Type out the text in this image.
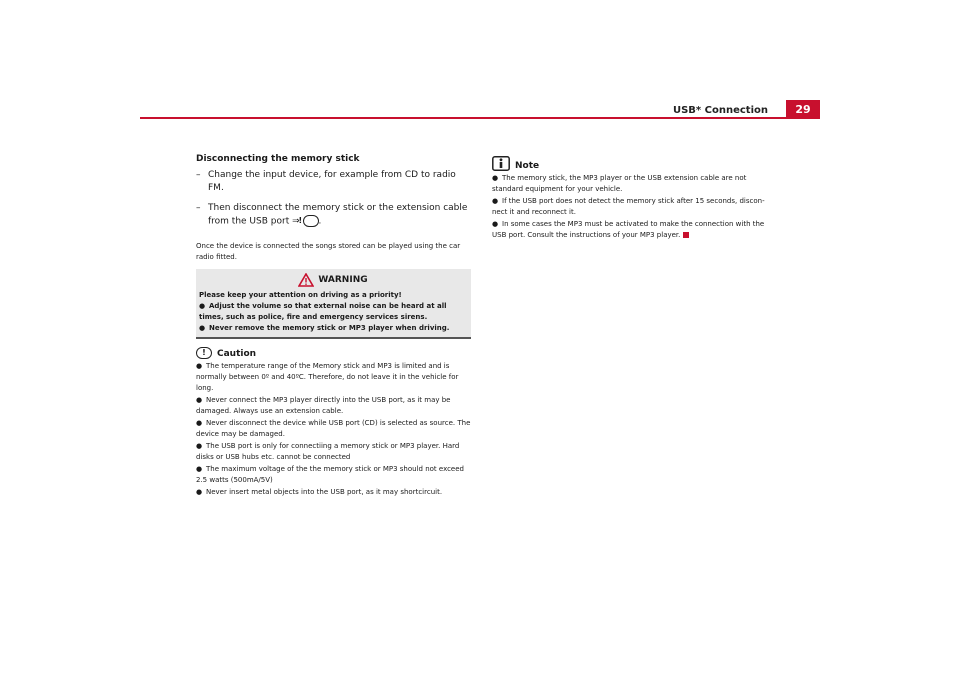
USB* Connection	29

Disconnecting the memory stick

– Change the input device, for example from CD to radio FM.

– Then disconnect the memory stick or the extension cable from the USB port ⇒ ! .

Once the device is connected the songs stored can be played using the car radio fitted.

WARNING

Please keep your attention on driving as a priority!

● Adjust the volume so that external noise can be heard at all times, such as police, fire and emergency services sirens.

● Never remove the memory stick or MP3 player when driving.

!	Caution

● The temperature range of the Memory stick and MP3 is limited and is normally between 0º and 40ºC. Therefore, do not leave it in the vehicle for long.

● Never connect the MP3 player directly into the USB port, as it may be damaged. Always use an extension cable.

● Never disconnect the device while USB port (CD) is selected as source. The device may be damaged.

● The USB port is only for connectiing a memory stick or MP3 player. Hard disks or USB hubs etc. cannot be connected

● The maximum voltage of the the memory stick or MP3 should not exceed 2.5 watts (500mA/5V)

● Never insert metal objects into the USB port, as it may shortcircuit.

Note

● The memory stick, the MP3 player or the USB extension cable are not standard equipment for your vehicle.

● If the USB port does not detect the memory stick after 15 seconds, discon-nect it and reconnect it.

● In some cases the MP3 must be activated to make the connection with the USB port. Consult the instructions of your MP3 player.
